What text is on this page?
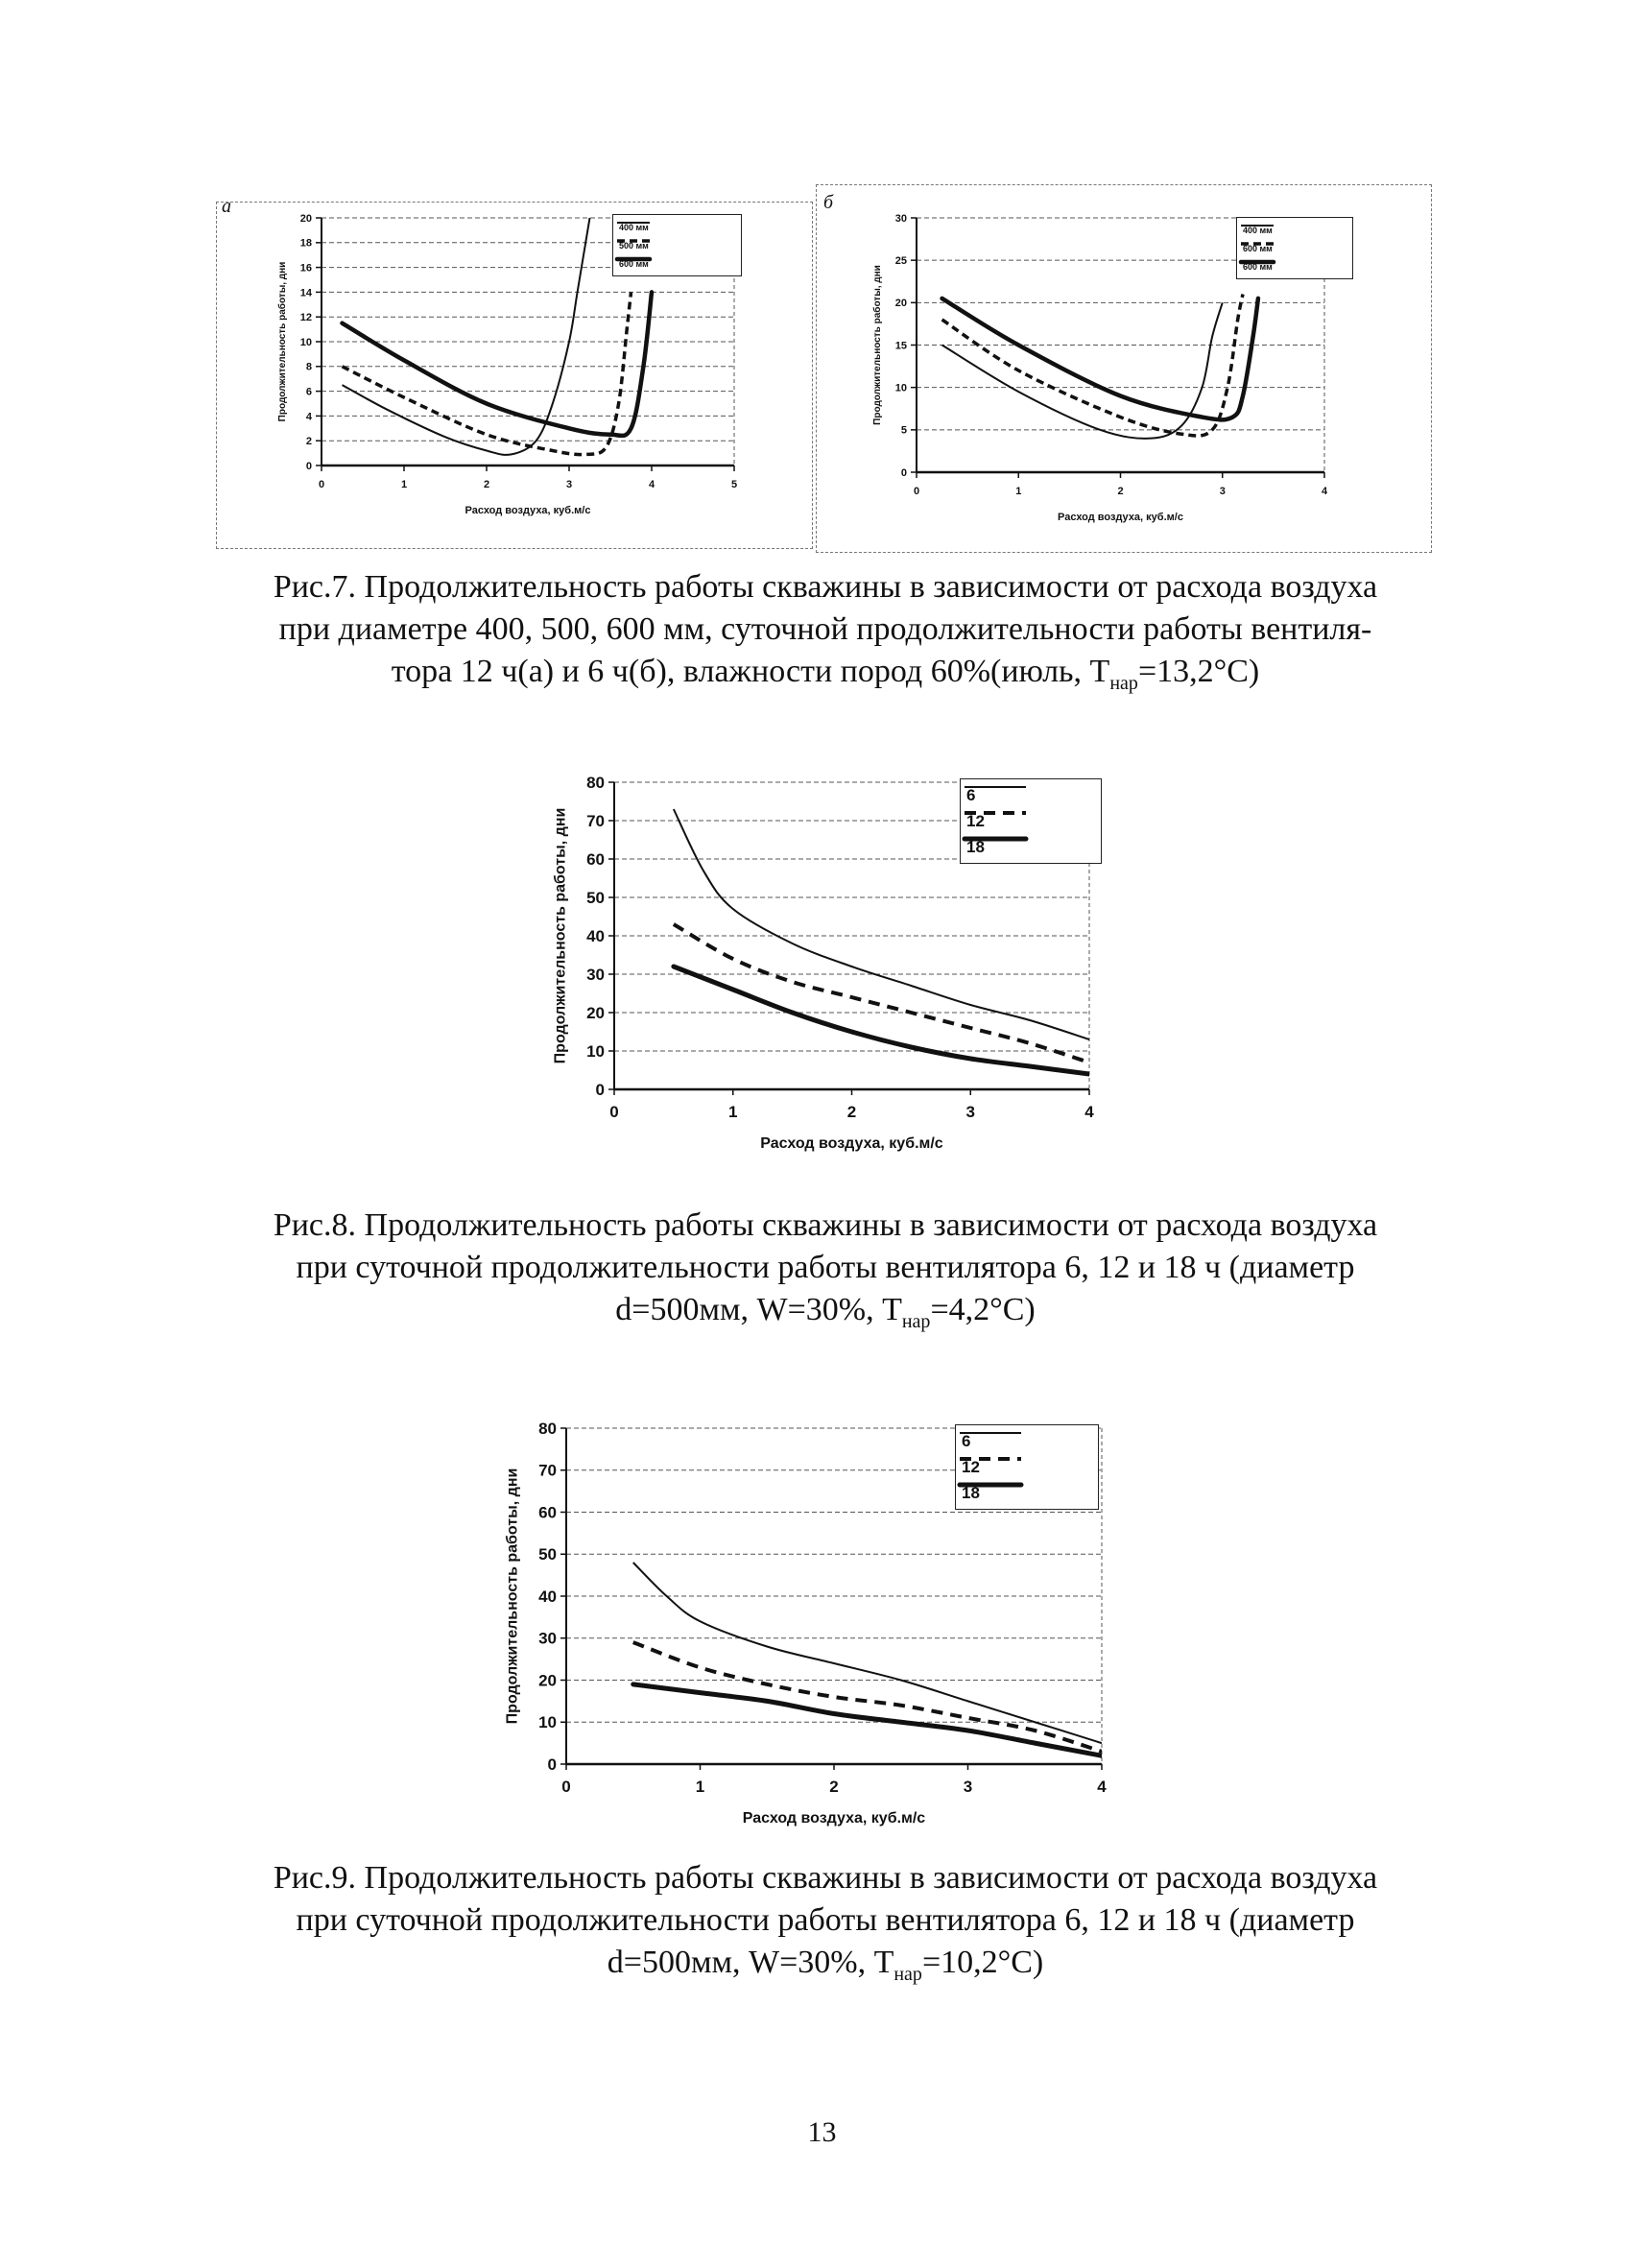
а	б
0
2
4
6
8
10
12
14
16
18
20
0	1	2	3	4	5
Расход воздуха, куб.м/с
Продолжительность работы, дни
400 мм
500 мм
600 мм
0
5
10
15
20
25
30
0	1	2	3	4
Расход воздуха, куб.м/с
Продолжительность работы, дни
400 мм
600 мм
600 мм
Рис.7. Продолжительность работы скважины в зависимости от расхода воздуха
при диаметре 400, 500, 600 мм, суточной продолжительности работы вентиля-
тора 12 ч(а) и 6 ч(б), влажности пород 60%(июль, $Т_{нар}=13,2^\circ С$)
0
10
20
30
40
50
60
70
80
0	1	2	3	4
Расход воздуха, куб.м/с
Продолжительность работы, дни
6
12
18
Рис.8. Продолжительность работы скважины в зависимости от расхода воздуха
при суточной продолжительности работы вентилятора 6, 12 и 18 ч (диаметр
d=500мм, W=30%, $Т_{нар}=4,2^\circ С$)
0
10
20
30
40
50
60
70
80
0	1	2	3	4
Расход воздуха, куб.м/с
Продолжительность работы, дни
6
12
18
Рис.9. Продолжительность работы скважины в зависимости от расхода воздуха
при суточной продолжительности работы вентилятора 6, 12 и 18 ч (диаметр
d=500мм, W=30%, $Т_{нар}=10,2^\circ С$)
13
